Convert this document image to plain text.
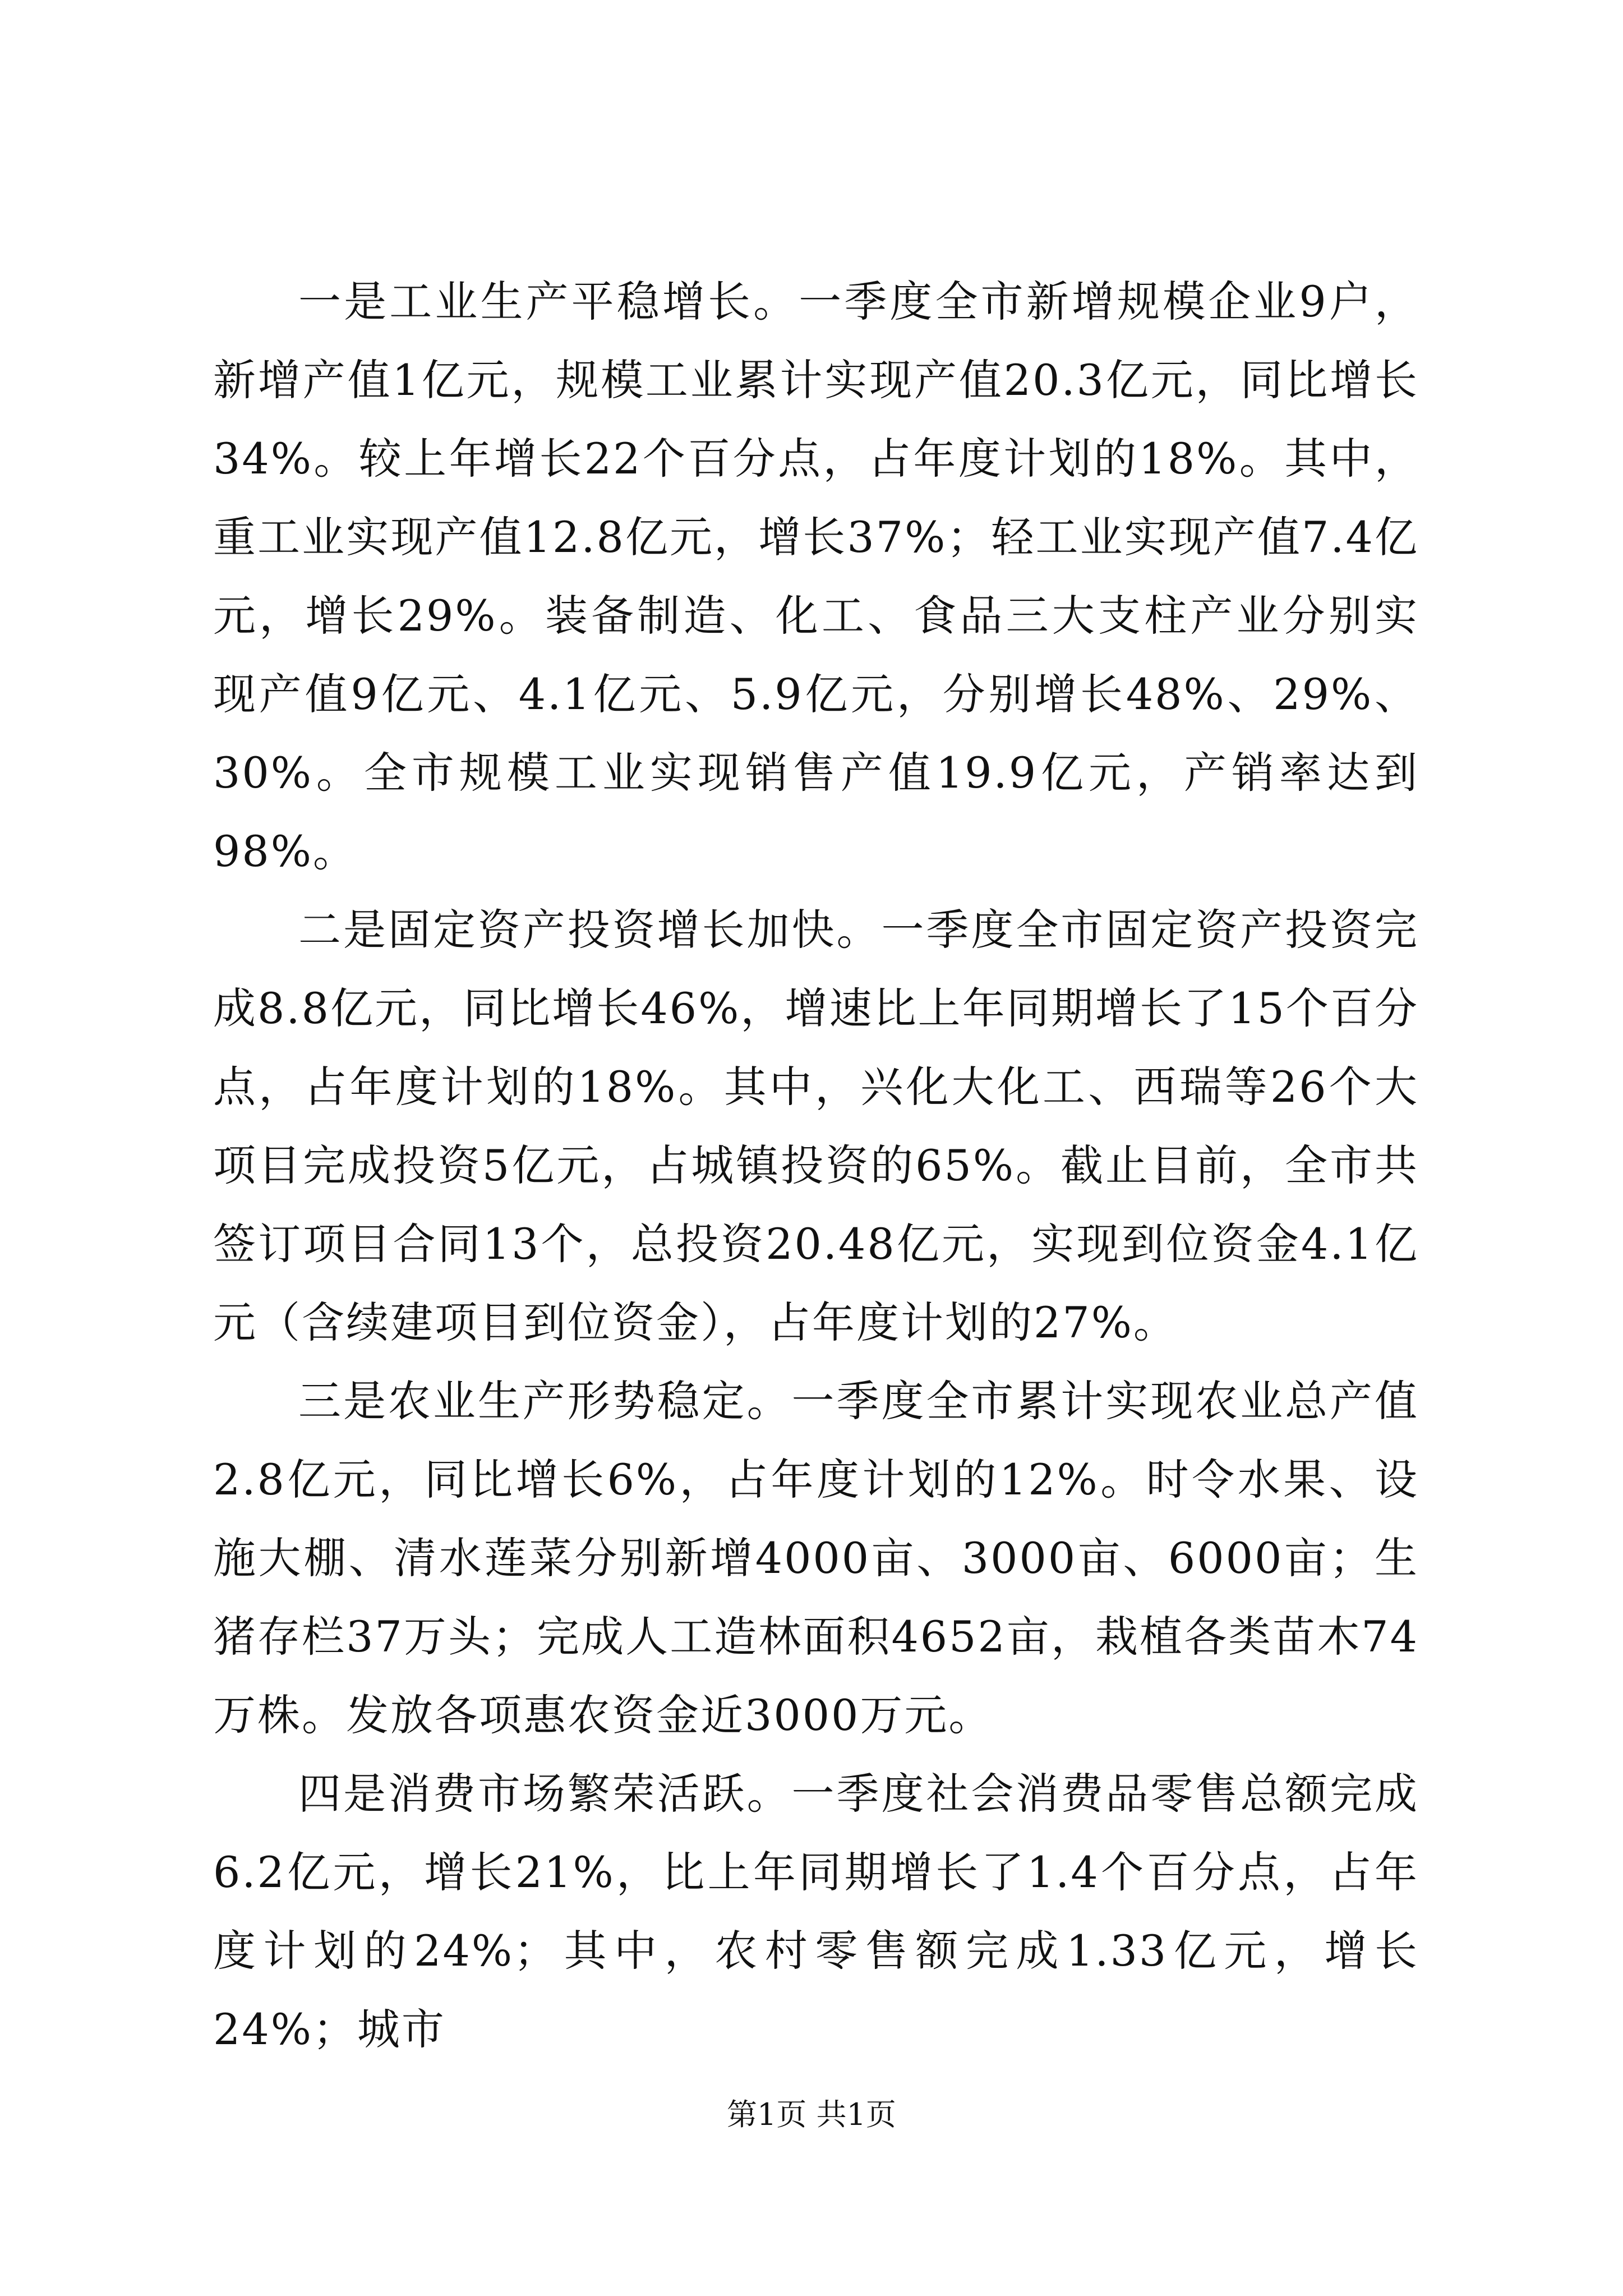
一是工业生产平稳增长。一季度全市新增规模企业9户，新增产值1亿元，规模工业累计实现产值20.3亿元，同比增长34%。较上年增长22个百分点，占年度计划的18%。其中，重工业实现产值12.8亿元，增长37%；轻工业实现产值7.4亿元，增长29%。装备制造、化工、食品三大支柱产业分别实现产值9亿元、4.1亿元、5.9亿元，分别增长48%、29%、30%。全市规模工业实现销售产值19.9亿元，产销率达到98%。

二是固定资产投资增长加快。一季度全市固定资产投资完成8.8亿元，同比增长46%，增速比上年同期增长了15个百分点，占年度计划的18%。其中，兴化大化工、西瑞等26个大项目完成投资5亿元，占城镇投资的65%。截止目前，全市共签订项目合同13个，总投资20.48亿元，实现到位资金4.1亿元（含续建项目到位资金），占年度计划的27%。

三是农业生产形势稳定。一季度全市累计实现农业总产值2.8亿元，同比增长6%，占年度计划的12%。时令水果、设施大棚、清水莲菜分别新增4000亩、3000亩、6000亩；生猪存栏37万头；完成人工造林面积4652亩，栽植各类苗木74万株。发放各项惠农资金近3000万元。

四是消费市场繁荣活跃。一季度社会消费品零售总额完成6.2亿元，增长21%，比上年同期增长了1.4个百分点，占年度计划的24%；其中，农村零售额完成1.33亿元，增长24%；城市

第1页 共1页
